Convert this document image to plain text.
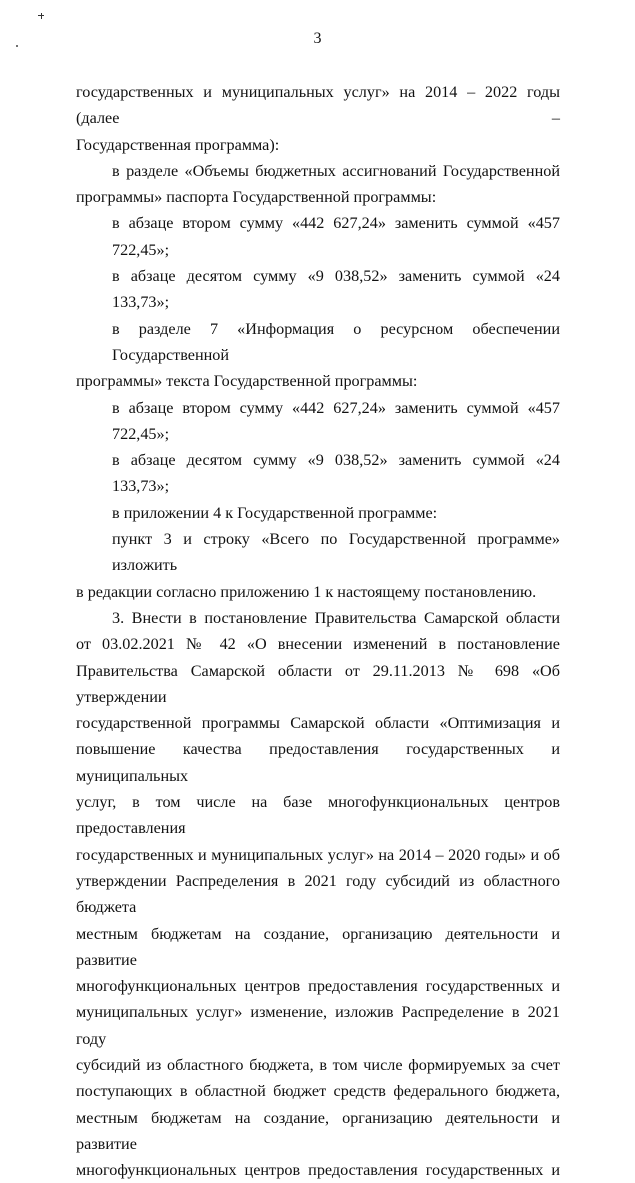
3
государственных и муниципальных услуг» на 2014 – 2022 годы (далее –
Государственная программа):
в разделе «Объемы бюджетных ассигнований Государственной
программы» паспорта Государственной программы:
в абзаце втором сумму «442 627,24» заменить суммой «457 722,45»;
в абзаце десятом сумму «9 038,52» заменить суммой «24 133,73»;
в разделе 7 «Информация о ресурсном обеспечении Государственной
программы» текста Государственной программы:
в абзаце втором сумму «442 627,24» заменить суммой «457 722,45»;
в абзаце десятом сумму «9 038,52» заменить суммой «24 133,73»;
в приложении 4 к Государственной программе:
пункт 3 и строку «Всего по Государственной программе» изложить
в редакции согласно приложению 1 к настоящему постановлению.
3. Внести в постановление Правительства Самарской области
от 03.02.2021 № 42 «О внесении изменений в постановление
Правительства Самарской области от 29.11.2013 № 698 «Об утверждении
государственной программы Самарской области «Оптимизация и
повышение качества предоставления государственных и муниципальных
услуг, в том числе на базе многофункциональных центров предоставления
государственных и муниципальных услуг» на 2014 – 2020 годы» и об
утверждении Распределения в 2021 году субсидий из областного бюджета
местным бюджетам на создание, организацию деятельности и развитие
многофункциональных центров предоставления государственных и
муниципальных услуг» изменение, изложив Распределение в 2021 году
субсидий из областного бюджета, в том числе формируемых за счет
поступающих в областной бюджет средств федерального бюджета,
местным бюджетам на создание, организацию деятельности и развитие
многофункциональных центров предоставления государственных и
